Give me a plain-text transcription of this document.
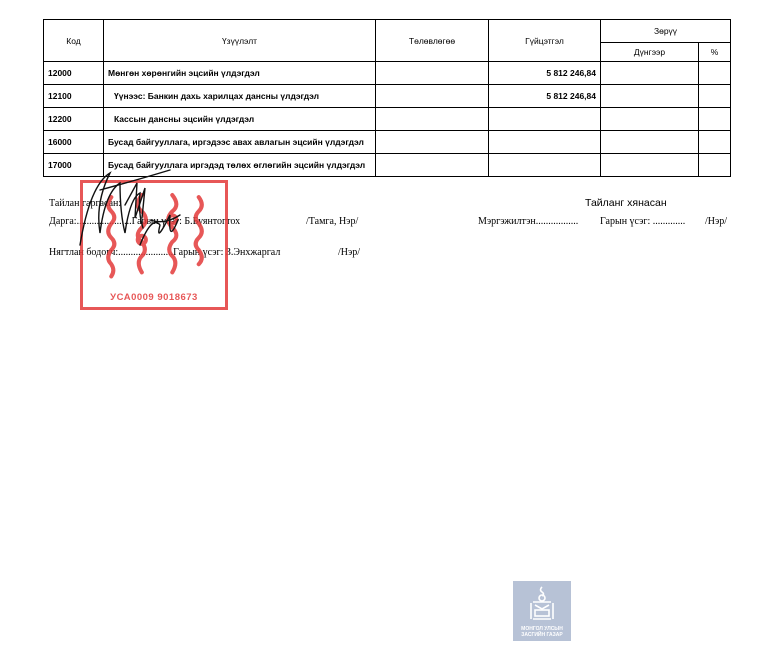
Код	Үзүүлэлт	Төлөвлөгөө	Гүйцэтгэл	Зөрүү	
				Дүнгээр	%
12000	Мөнгөн хөрөнгийн эцсийн үлдэгдэл		5 812 246,84		
12100	Үүнээс: Банкин дахь харилцах дансны үлдэгдэл		5 812 246,84		
12200	Кассын дансны эцсийн үлдэгдэл				
16000	Бусад байгууллага, иргэдээс авах авлагын эцсийн үлдэгдэл				
17000	Бусад байгууллага иргэдэд төлөх өглөгийн эцсийн үлдэгдэл				
Тайлан гаргасан:
Дарга:......................Гарын үсэг: Б.Буянтогтох	/Тамга, Нэр/
Нягтлан бодогч:......................Гарын үсэг: З.Энхжаргал	/Нэр/
Тайланг хянасан
Мэргэжилтэн................. Гарын үсэг: ............. /Нэр/
УСА0009 9018673
МОНГОЛ УЛСЫН
ЗАСГИЙН ГАЗАР
